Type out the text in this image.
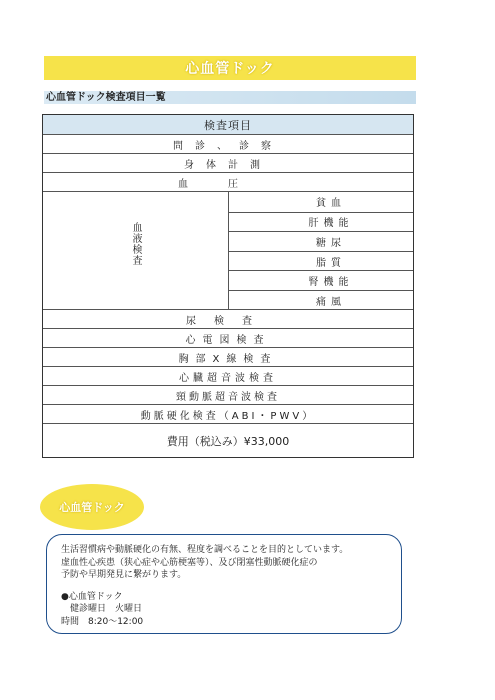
心血管ドック
心血管ドック検査項目一覧
検査項目
問診、診察
身体計測
血圧
血液検査
貧血
肝機能
糖尿
脂質
腎機能
痛風
尿検査
心電図検査
胸部X線検査
心臓超音波検査
頸動脈超音波検査
動脈硬化検査（ABI・PWV）
費用（税込み）¥33,000
心血管ドック

生活習慣病や動脈硬化の有無、程度を調べることを目的としています。

虚血性心疾患（狭心症や心筋梗塞等）、及び閉塞性動脈硬化症の

予防や早期発見に繋がります。

●心血管ドック

健診曜日　火曜日

時間　8:20〜12:00
